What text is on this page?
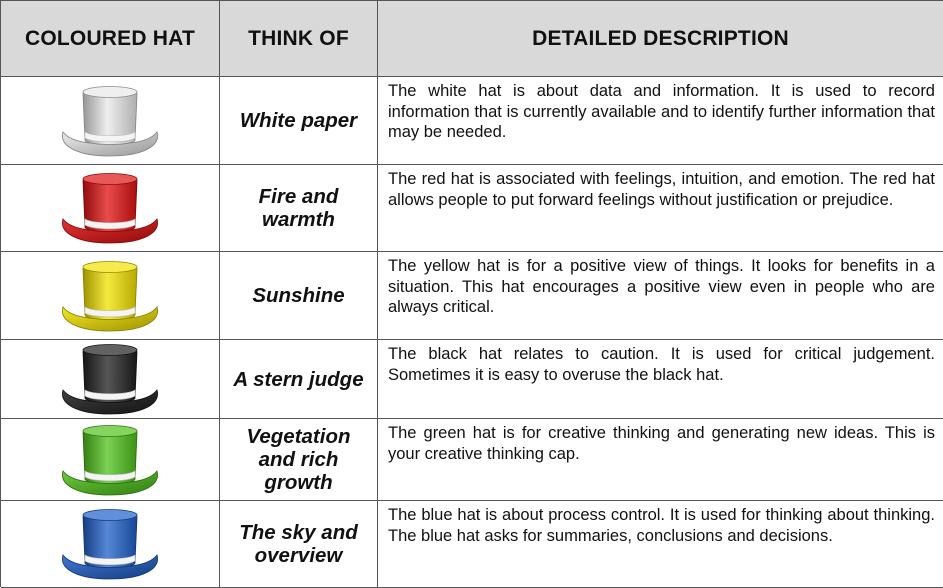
COLOURED HAT	THINK OF	DETAILED DESCRIPTION
White paper
The white hat is about data and information. It is used to record information that is currently available and to identify further information that may be needed.
Fire and warmth
The red hat is associated with feelings, intuition, and emotion. The red hat allows people to put forward feelings without justification or prejudice.
Sunshine
The yellow hat is for a positive view of things. It looks for benefits in a situation. This hat encourages a positive view even in people who are always critical.
A stern judge
The black hat relates to caution. It is used for critical judgement. Sometimes it is easy to overuse the black hat.
Vegetation and rich growth
The green hat is for creative thinking and generating new ideas. This is your creative thinking cap.
The sky and overview
The blue hat is about process control. It is used for thinking about thinking. The blue hat asks for summaries, conclusions and decisions.
